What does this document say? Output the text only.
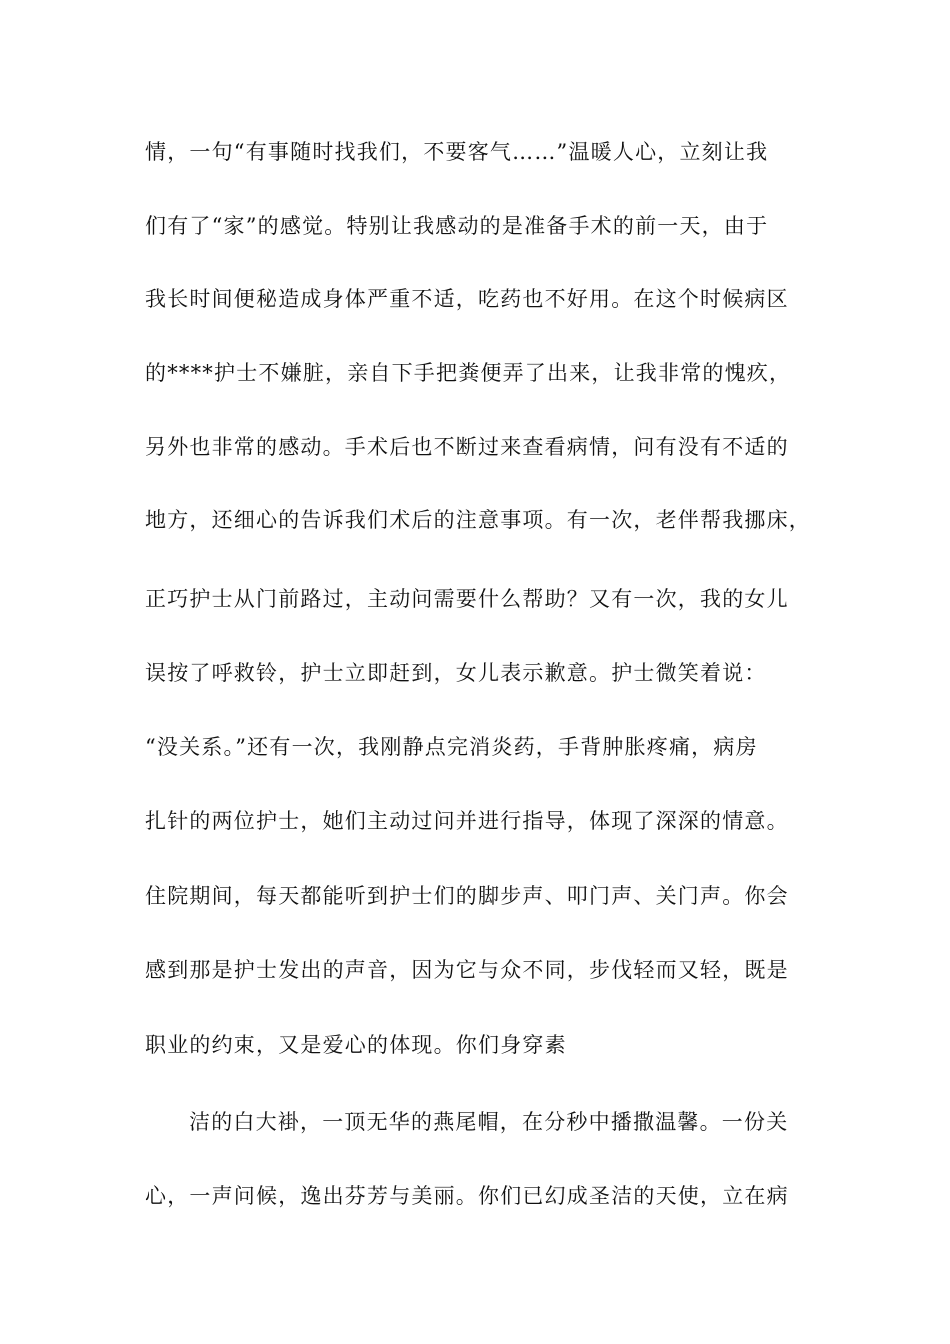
情，一句“有事随时找我们，不要客气……”温暖人心，立刻让我
们有了“家”的感觉。特别让我感动的是准备手术的前一天，由于
我长时间便秘造成身体严重不适，吃药也不好用。在这个时候病区
的****护士不嫌脏，亲自下手把粪便弄了出来，让我非常的愧疚，
另外也非常的感动。手术后也不断过来查看病情，问有没有不适的
地方，还细心的告诉我们术后的注意事项。有一次，老伴帮我挪床，
正巧护士从门前路过，主动问需要什么帮助？又有一次，我的女儿
误按了呼救铃，护士立即赶到，女儿表示歉意。护士微笑着说：
“没关系。”还有一次，我刚静点完消炎药，手背肿胀疼痛，病房
扎针的两位护士，她们主动过问并进行指导，体现了深深的情意。
住院期间，每天都能听到护士们的脚步声、叩门声、关门声。你会
感到那是护士发出的声音，因为它与众不同，步伐轻而又轻，既是
职业的约束，又是爱心的体现。你们身穿素
洁的白大褂，一顶无华的燕尾帽，在分秒中播撒温馨。一份关
心，一声问候，逸出芬芳与美丽。你们已幻成圣洁的天使，立在病
